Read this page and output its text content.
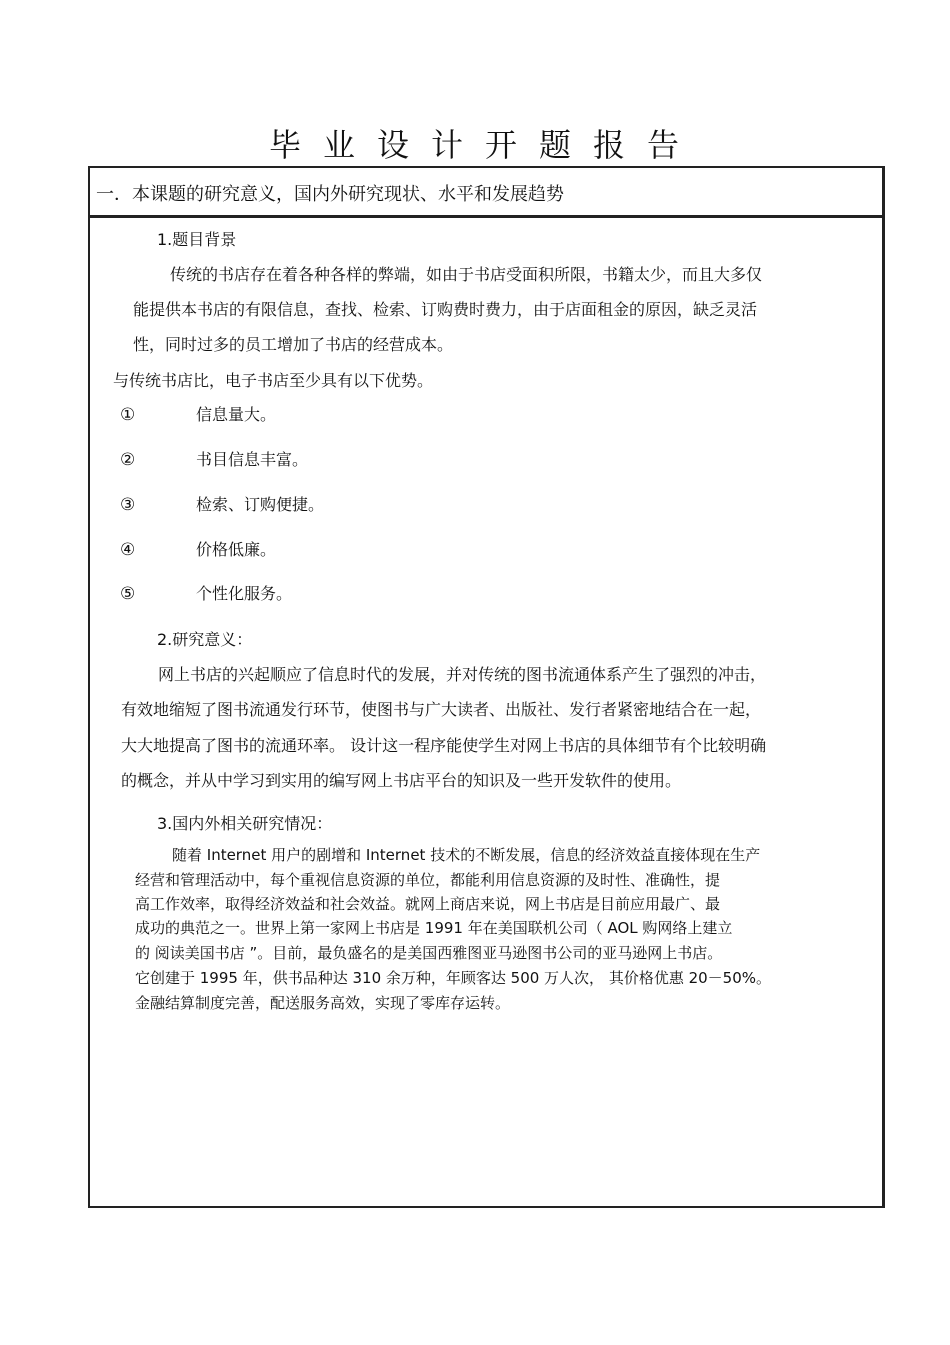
毕业设计开题报告
一．本课题的研究意义，国内外研究现状、水平和发展趋势
1.题目背景
传统的书店存在着各种各样的弊端，如由于书店受面积所限，书籍太少，而且大多仅
能提供本书店的有限信息，查找、检索、订购费时费力，由于店面租金的原因，缺乏灵活
性，同时过多的员工增加了书店的经营成本。
与传统书店比，电子书店至少具有以下优势。
①	信息量大。
②	书目信息丰富。
③	检索、订购便捷。
④	价格低廉。
⑤	个性化服务。
2.研究意义：
网上书店的兴起顺应了信息时代的发展，并对传统的图书流通体系产生了强烈的冲击，
有效地缩短了图书流通发行环节，使图书与广大读者、出版社、发行者紧密地结合在一起，
大大地提高了图书的流通环率。 设计这一程序能使学生对网上书店的具体细节有个比较明确
的概念，并从中学习到实用的编写网上书店平台的知识及一些开发软件的使用。
3.国内外相关研究情况：
随着 Internet 用户的剧增和 Internet 技术的不断发展，信息的经济效益直接体现在生产
经营和管理活动中，每个重视信息资源的单位，都能利用信息资源的及时性、准确性，提
高工作效率，取得经济效益和社会效益。就网上商店来说，网上书店是目前应用最广、最
成功的典范之一。世界上第一家网上书店是 1991 年在美国联机公司（ AOL 购网络上建立
的 阅读美国书店 ”。目前，最负盛名的是美国西雅图亚马逊图书公司的亚马逊网上书店。
它创建于 1995 年，供书品种达 310 余万种，年顾客达 500 万人次， 其价格优惠 20－50%。
金融结算制度完善，配送服务高效，实现了零库存运转。
